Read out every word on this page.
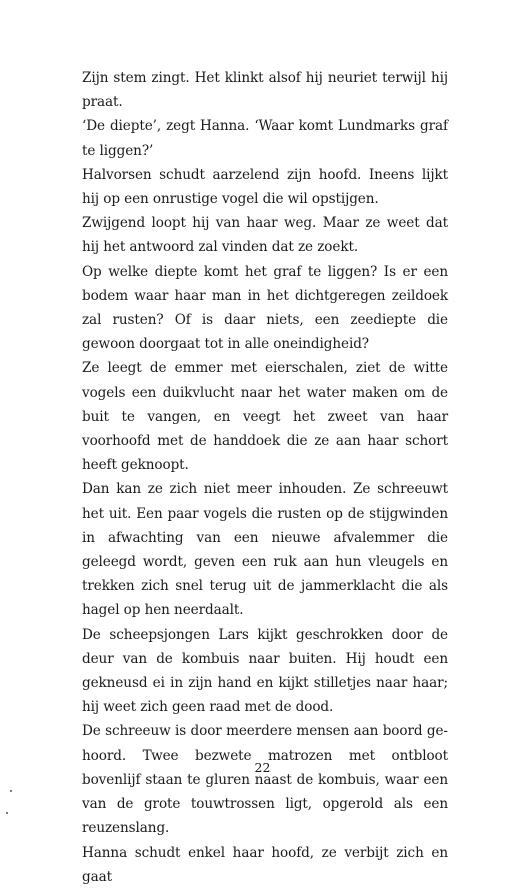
Zijn stem zingt. Het klinkt alsof hij neuriet terwijl hij praat.

‘De diepte’, zegt Hanna. ‘Waar komt Lundmarks graf te liggen?’

Halvorsen schudt aarzelend zijn hoofd. Ineens lijkt hij op een onrustige vogel die wil opstijgen.

Zwijgend loopt hij van haar weg. Maar ze weet dat hij het antwoord zal vinden dat ze zoekt.

Op welke diepte komt het graf te liggen? Is er een bodem waar haar man in het dichtgeregen zeildoek zal rusten? Of is daar niets, een zeediepte die gewoon doorgaat tot in alle oneindigheid?

Ze leegt de emmer met eierschalen, ziet de witte vogels een duikvlucht naar het water maken om de buit te vangen, en veegt het zweet van haar voorhoofd met de handdoek die ze aan haar schort heeft geknoopt.

Dan kan ze zich niet meer inhouden. Ze schreeuwt het uit. Een paar vogels die rusten op de stijgwinden in afwachting van een nieuwe afvalemmer die geleegd wordt, geven een ruk aan hun vleugels en trekken zich snel terug uit de jammerklacht die als hagel op hen neerdaalt.

De scheepsjongen Lars kijkt geschrokken door de deur van de kombuis naar buiten. Hij houdt een gekneusd ei in zijn hand en kijkt stilletjes naar haar; hij weet zich geen raad met de dood.

De schreeuw is door meerdere mensen aan boord gehoord. Twee bezwete matrozen met ontbloot bovenlijf staan te gluren naast de kombuis, waar een van de grote touwtrossen ligt, opgerold als een reuzenslang.

Hanna schudt enkel haar hoofd, ze verbijt zich en gaat

22
